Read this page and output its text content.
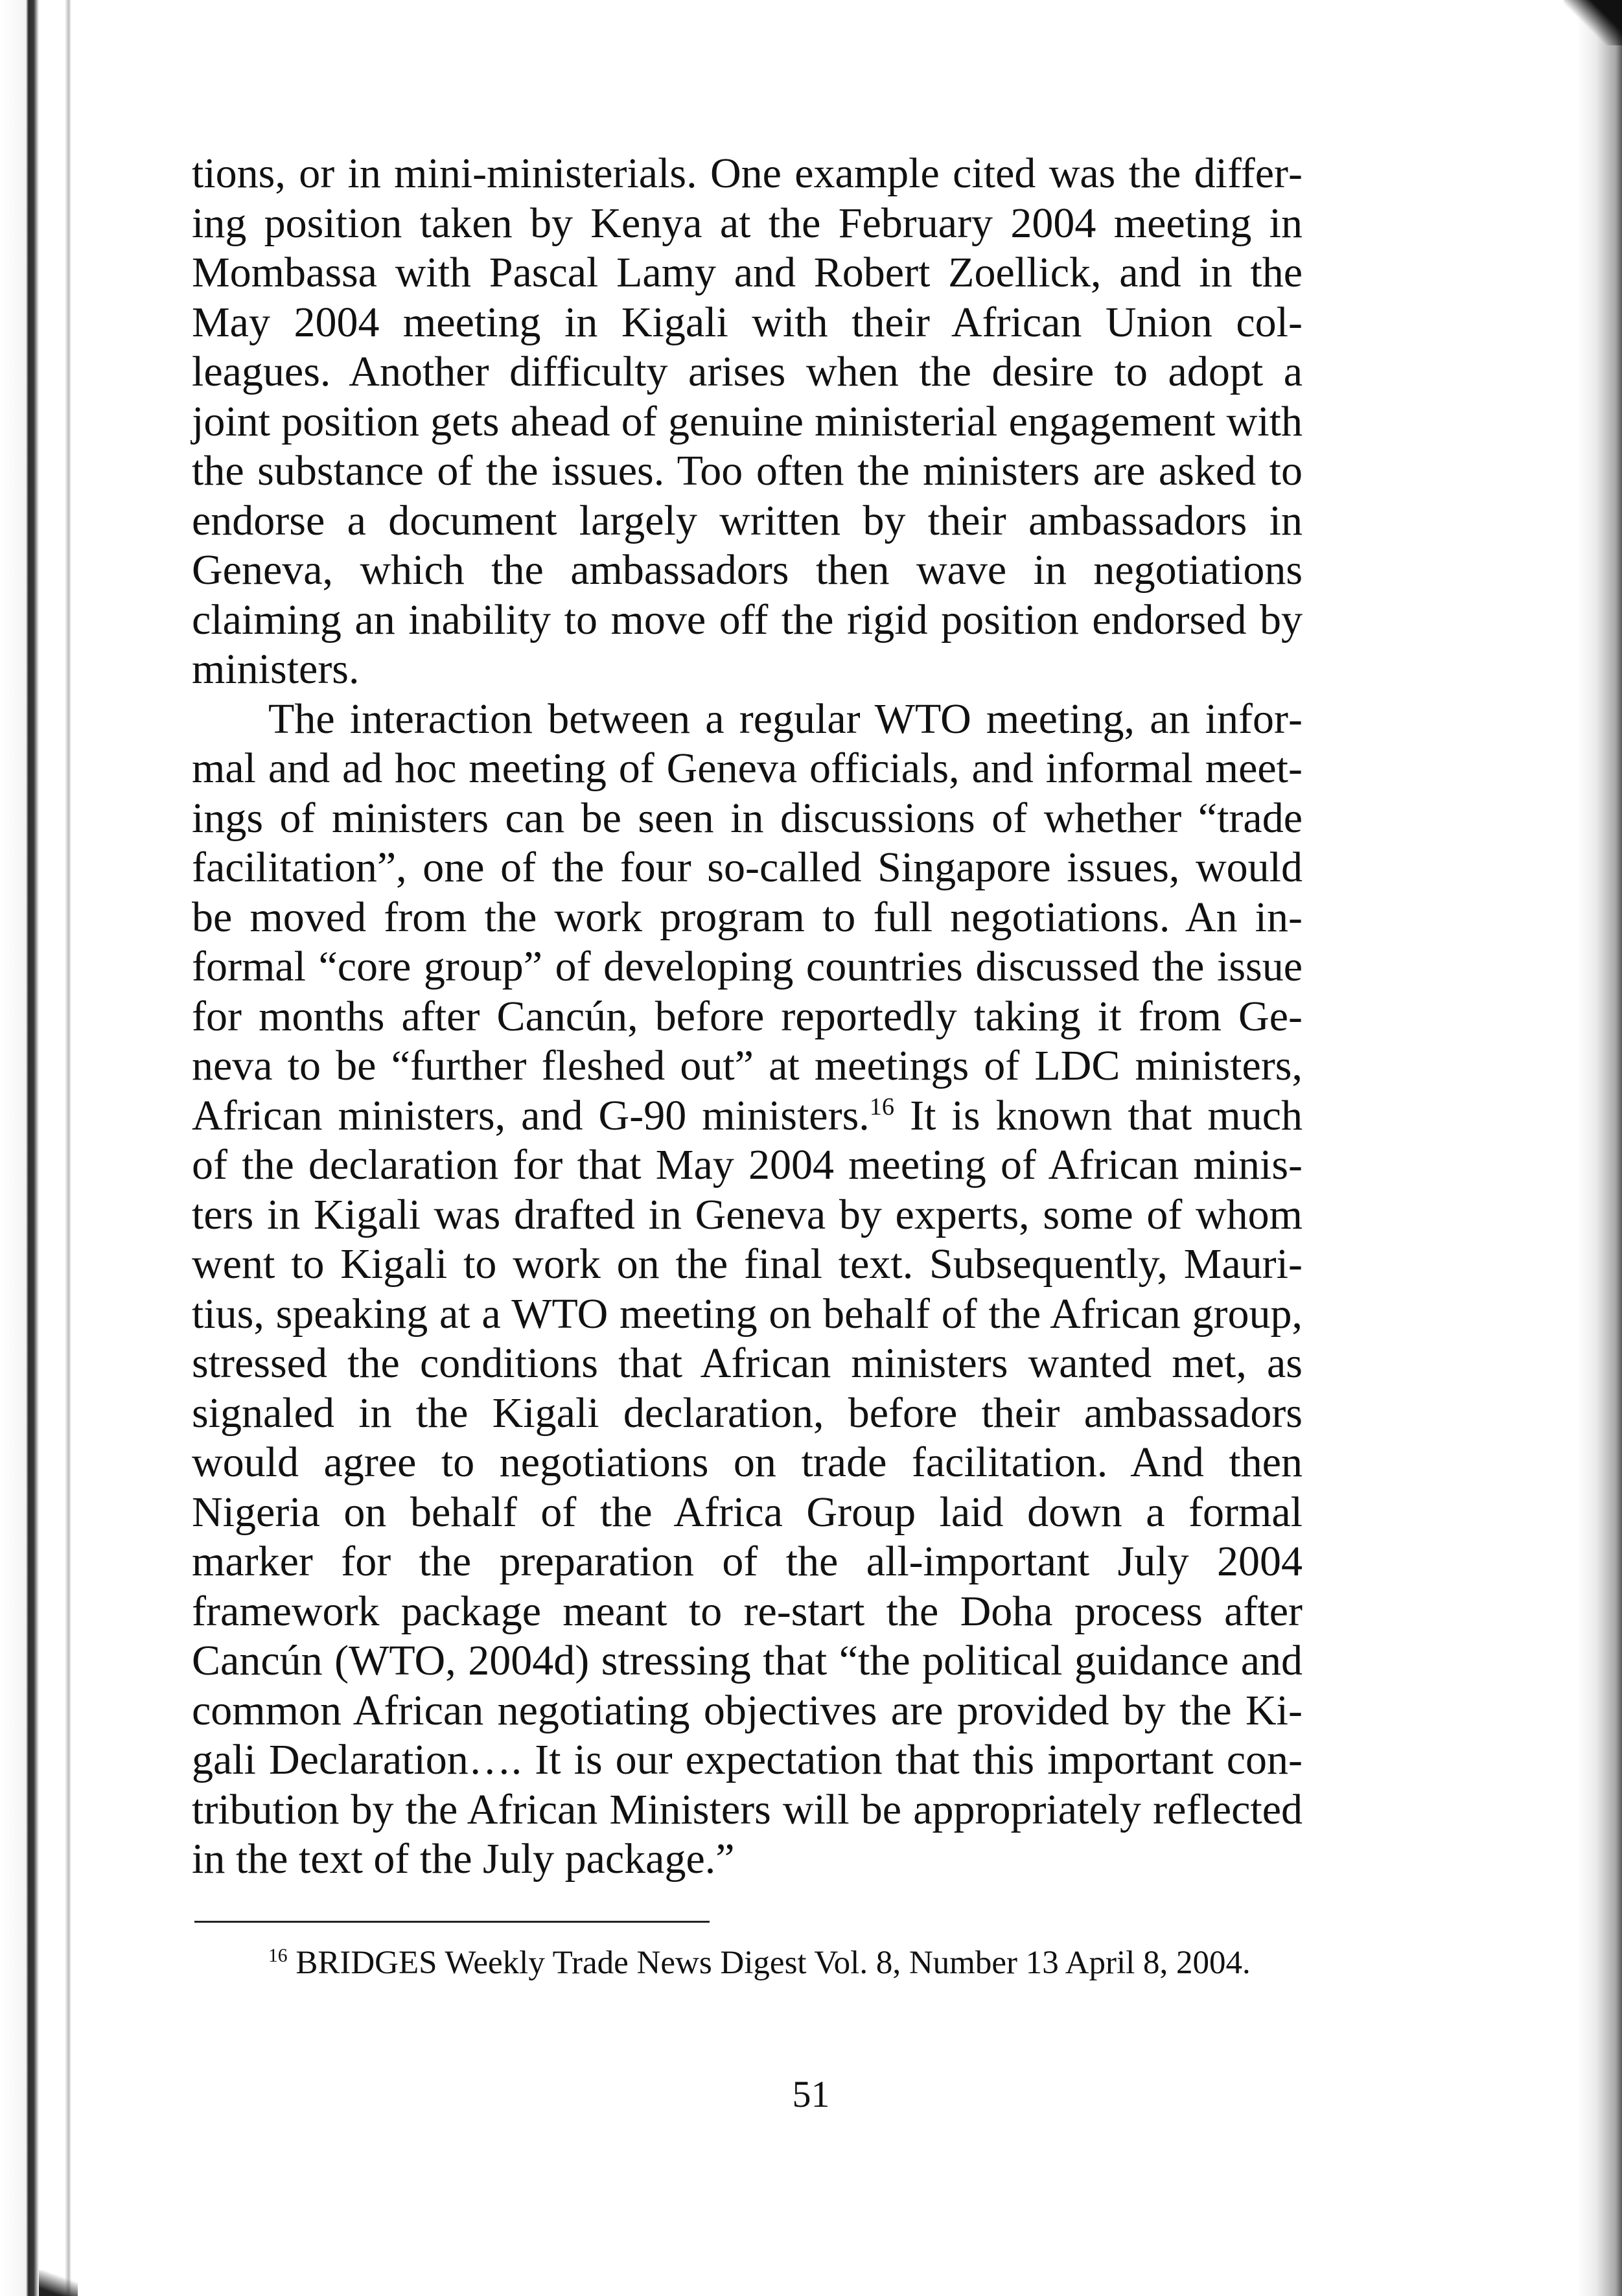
tions, or in mini-ministerials. One example cited was the differing position taken by Kenya at the February 2004 meeting in Mombassa with Pascal Lamy and Robert Zoellick, and in the May 2004 meeting in Kigali with their African Union colleagues. Another difficulty arises when the desire to adopt a joint position gets ahead of genuine ministerial engagement with the substance of the issues. Too often the ministers are asked to endorse a document largely written by their ambassadors in Geneva, which the ambassadors then wave in negotiations claiming an inability to move off the rigid position endorsed by ministers.

The interaction between a regular WTO meeting, an informal and ad hoc meeting of Geneva officials, and informal meetings of ministers can be seen in discussions of whether “trade facilitation”, one of the four so-called Singapore issues, would be moved from the work program to full negotiations. An informal “core group” of developing countries discussed the issue for months after Cancún, before reportedly taking it from Geneva to be “further fleshed out” at meetings of LDC ministers, African ministers, and G-90 ministers.$^{16}$ It is known that much of the declaration for that May 2004 meeting of African ministers in Kigali was drafted in Geneva by experts, some of whom went to Kigali to work on the final text. Subsequently, Mauritius, speaking at a WTO meeting on behalf of the African group, stressed the conditions that African ministers wanted met, as signaled in the Kigali declaration, before their ambassadors would agree to negotiations on trade facilitation. And then Nigeria on behalf of the Africa Group laid down a formal marker for the preparation of the all-important July 2004 framework package meant to re-start the Doha process after Cancún (WTO, 2004d) stressing that “the political guidance and common African negotiating objectives are provided by the Kigali Declaration…. It is our expectation that this important contribution by the African Ministers will be appropriately reflected in the text of the July package.”

$^{16}$ BRIDGES Weekly Trade News Digest Vol. 8, Number 13 April 8, 2004.
51
